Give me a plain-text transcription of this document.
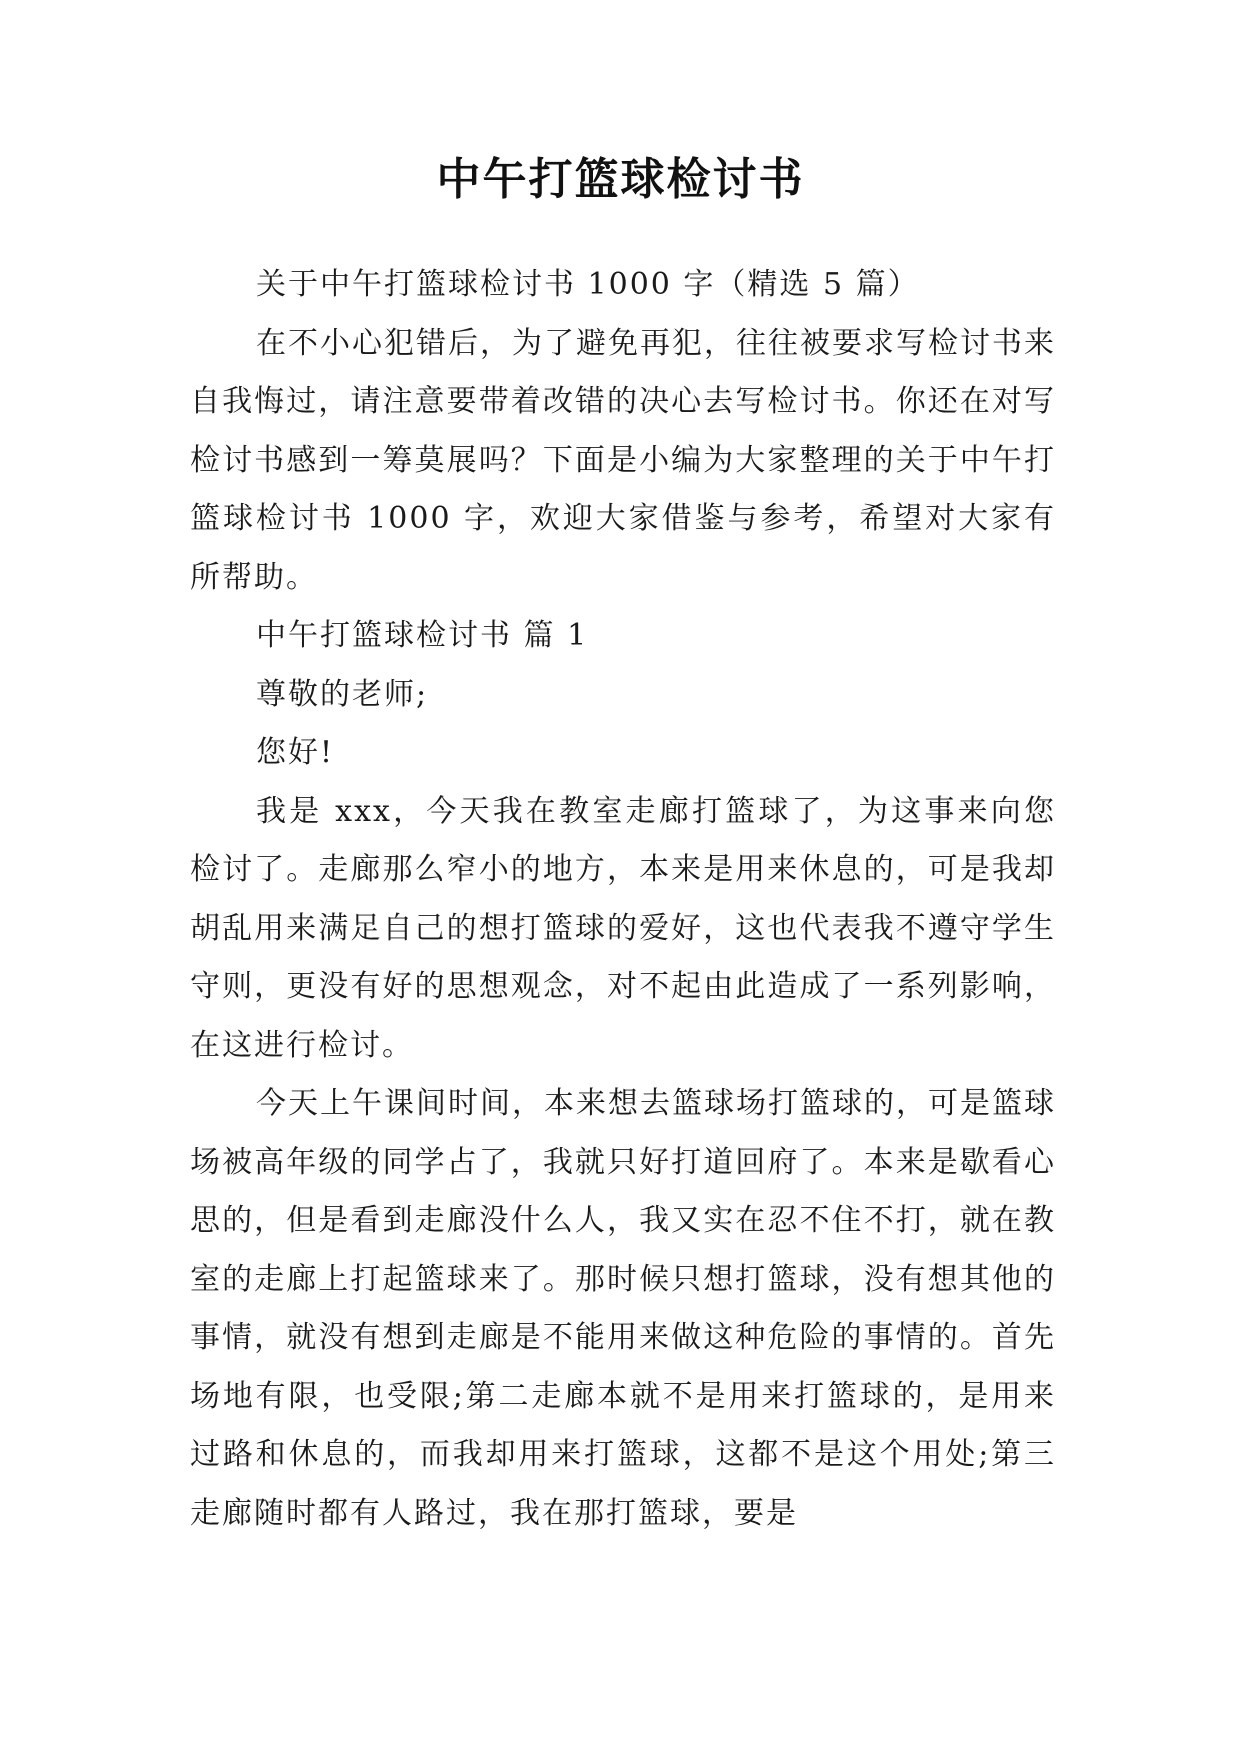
中午打篮球检讨书

关于中午打篮球检讨书 1000 字（精选 5 篇）

在不小心犯错后，为了避免再犯，往往被要求写检讨书来自我悔过，请注意要带着改错的决心去写检讨书。你还在对写检讨书感到一筹莫展吗？下面是小编为大家整理的关于中午打篮球检讨书 1000 字，欢迎大家借鉴与参考，希望对大家有所帮助。

中午打篮球检讨书 篇 1

尊敬的老师;

您好!

我是 xxx，今天我在教室走廊打篮球了，为这事来向您检讨了。走廊那么窄小的地方，本来是用来休息的，可是我却胡乱用来满足自己的想打篮球的爱好，这也代表我不遵守学生守则，更没有好的思想观念，对不起由此造成了一系列影响，在这进行检讨。

今天上午课间时间，本来想去篮球场打篮球的，可是篮球场被高年级的同学占了，我就只好打道回府了。本来是歇看心思的，但是看到走廊没什么人，我又实在忍不住不打，就在教室的走廊上打起篮球来了。那时候只想打篮球，没有想其他的事情，就没有想到走廊是不能用来做这种危险的事情的。首先场地有限，也受限;第二走廊本就不是用来打篮球的，是用来过路和休息的，而我却用来打篮球，这都不是这个用处;第三走廊随时都有人路过，我在那打篮球，要是
